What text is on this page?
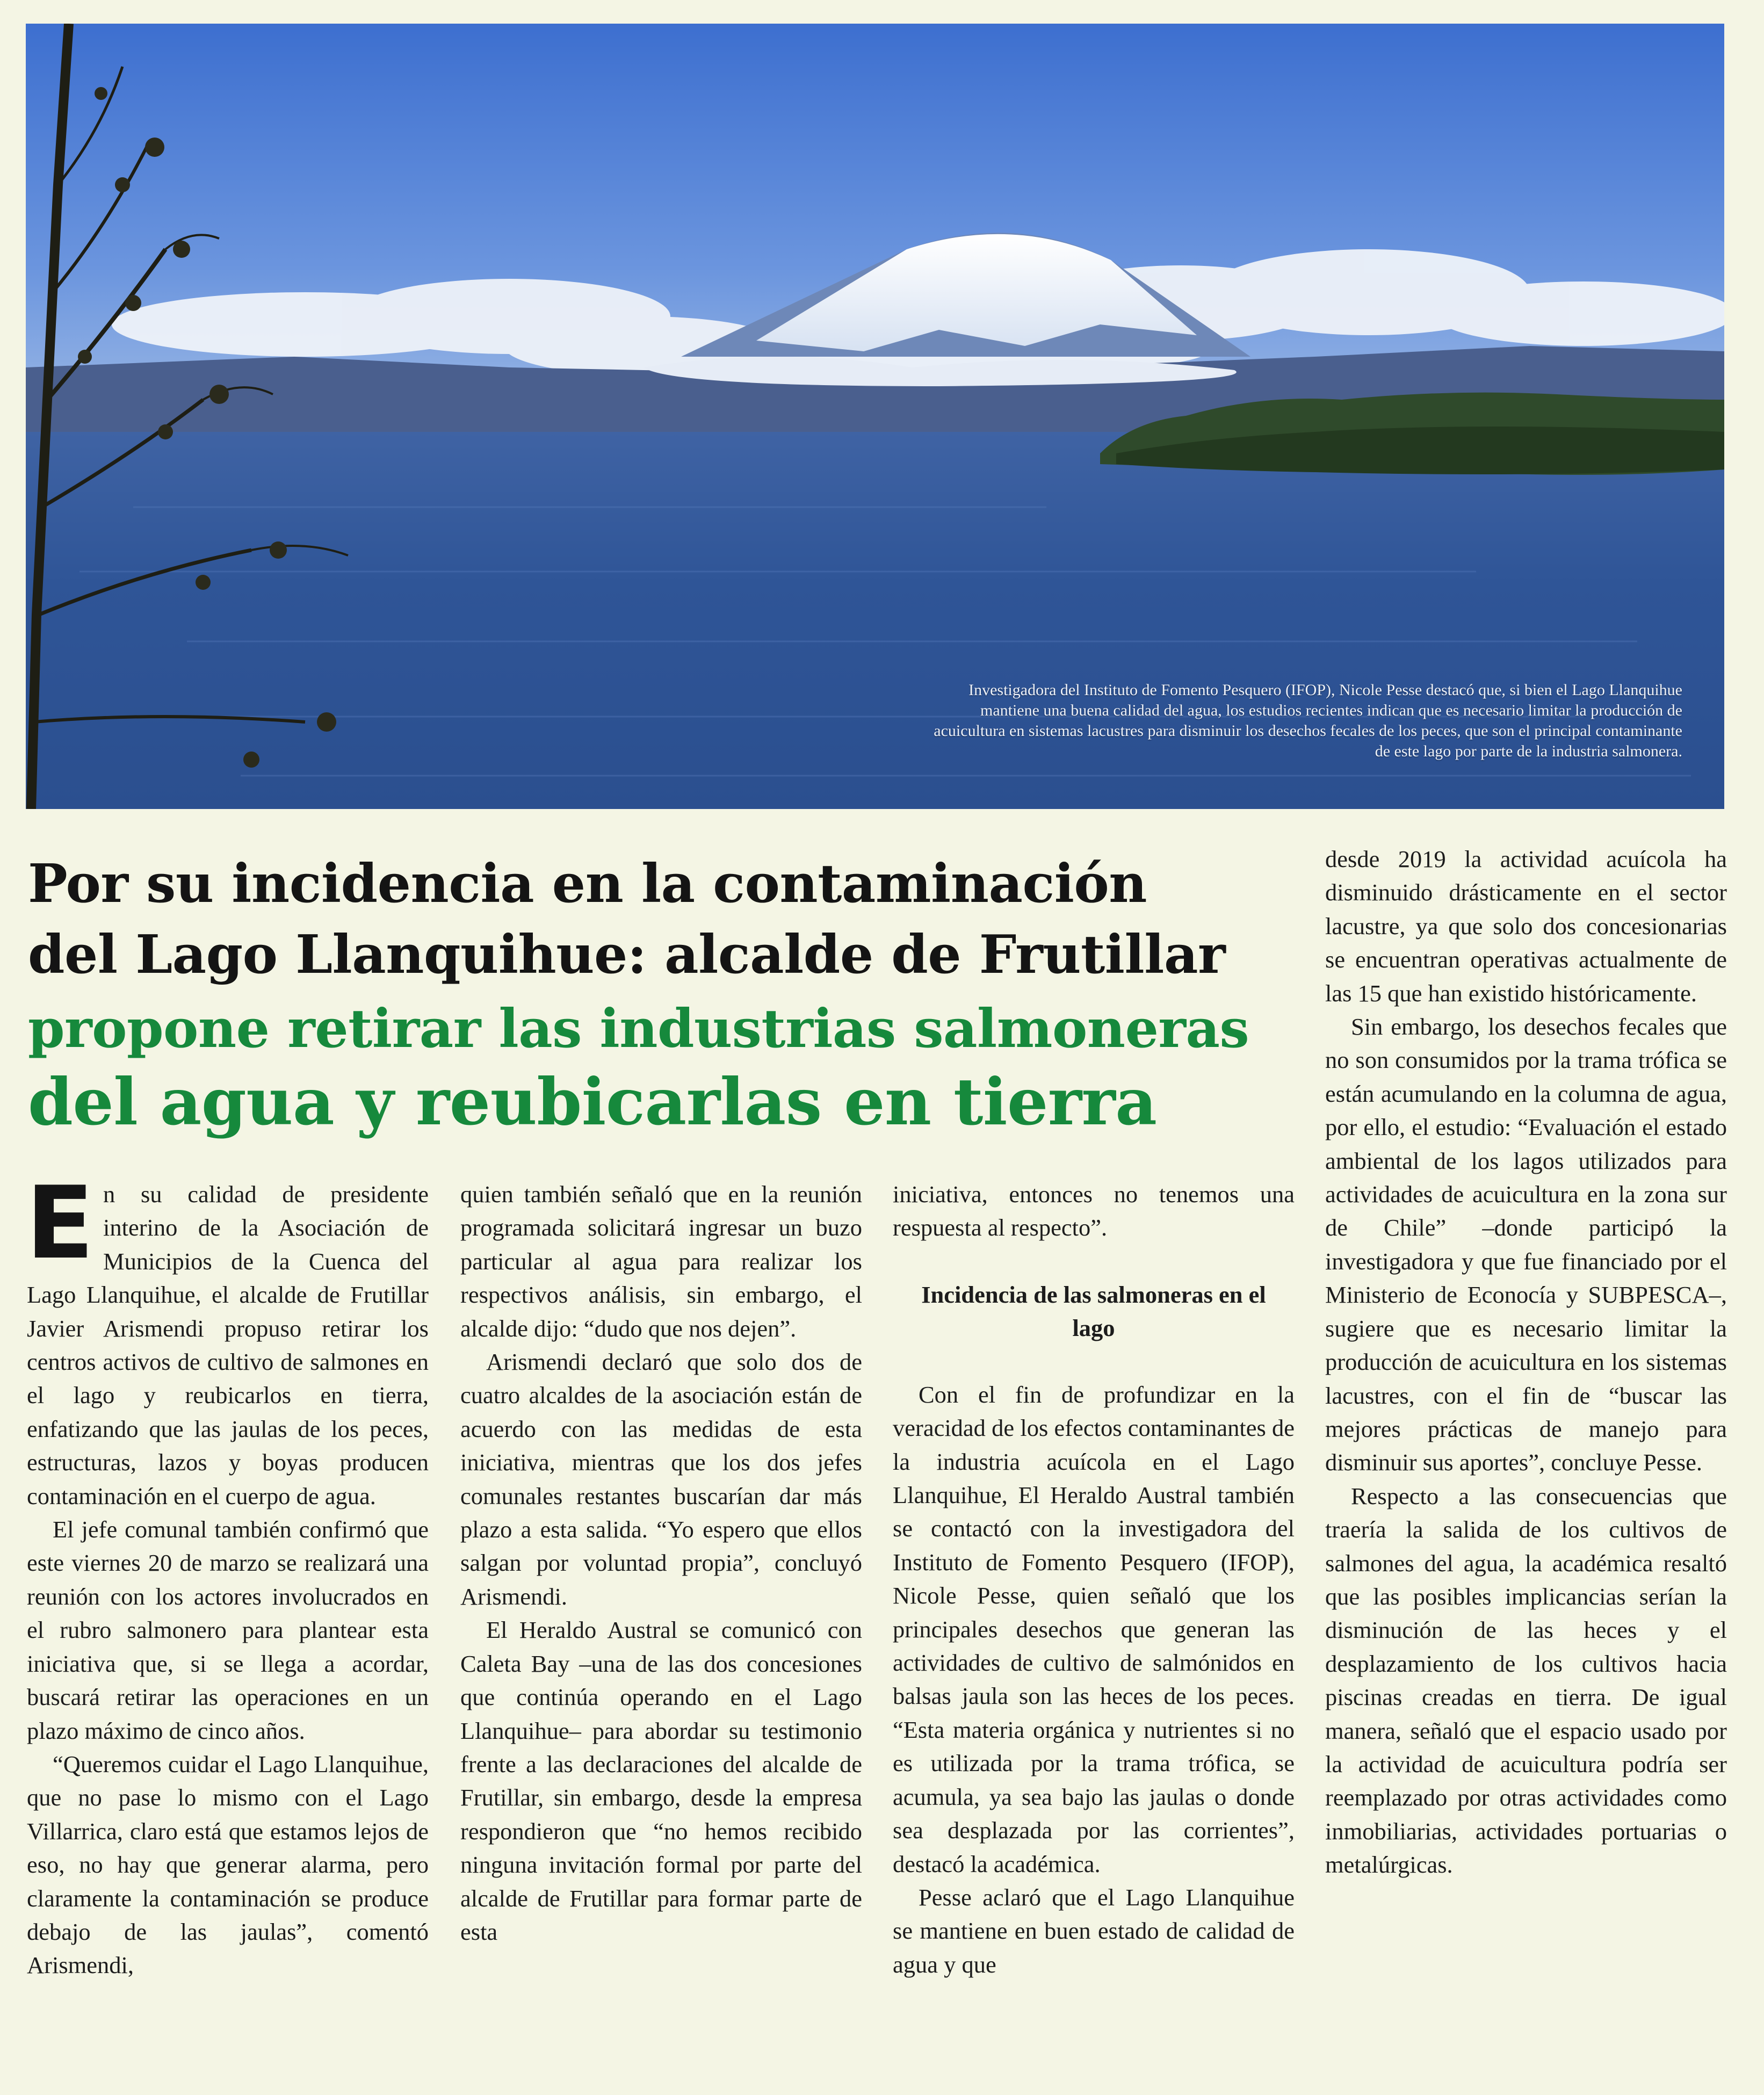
Investigadora del Instituto de Fomento Pesquero (IFOP), Nicole Pesse destacó que, si bien el Lago Llanquihue mantiene una buena calidad del agua, los estudios recientes indican que es necesario limitar la producción de acuicultura en sistemas lacustres para disminuir los desechos fecales de los peces, que son el principal contaminante de este lago por parte de la industria salmonera.
Por su incidencia en la contaminación
del Lago Llanquihue: alcalde de Frutillar
propone retirar las industrias salmoneras
del agua y reubicarlas en tierra

En su calidad de presidente interino de la Asociación de Municipios de la Cuenca del Lago Llanquihue, el alcalde de Frutillar Javier Arismendi propuso retirar los centros activos de cultivo de salmones en el lago y reubicarlos en tierra, enfatizando que las jaulas de los peces, estructuras, lazos y boyas producen contaminación en el cuerpo de agua.

El jefe comunal también confirmó que este viernes 20 de marzo se realizará una reunión con los actores involucrados en el rubro salmonero para plantear esta iniciativa que, si se llega a acordar, buscará retirar las operaciones en un plazo máximo de cinco años.

“Queremos cuidar el Lago Llanquihue, que no pase lo mismo con el Lago Villarrica, claro está que estamos lejos de eso, no hay que generar alarma, pero claramente la contaminación se produce debajo de las jaulas”, comentó Arismendi,

quien también señaló que en la reunión programada solicitará ingresar un buzo particular al agua para realizar los respectivos análisis, sin embargo, el alcalde dijo: “dudo que nos dejen”.

Arismendi declaró que solo dos de cuatro alcaldes de la asociación están de acuerdo con las medidas de esta iniciativa, mientras que los dos jefes comunales restantes buscarían dar más plazo a esta salida. “Yo espero que ellos salgan por voluntad propia”, concluyó Arismendi.

El Heraldo Austral se comunicó con Caleta Bay –una de las dos concesiones que continúa operando en el Lago Llanquihue– para abordar su testimonio frente a las declaraciones del alcalde de Frutillar, sin embargo, desde la empresa respondieron que “no hemos recibido ninguna invitación formal por parte del alcalde de Frutillar para formar parte de esta

iniciativa, entonces no tenemos una respuesta al respecto”.

Incidencia de las salmoneras en el lago

Con el fin de profundizar en la veracidad de los efectos contaminantes de la industria acuícola en el Lago Llanquihue, El Heraldo Austral también se contactó con la investigadora del Instituto de Fomento Pesquero (IFOP), Nicole Pesse, quien señaló que los principales desechos que generan las actividades de cultivo de salmónidos en balsas jaula son las heces de los peces. “Esta materia orgánica y nutrientes si no es utilizada por la trama trófica, se acumula, ya sea bajo las jaulas o donde sea desplazada por las corrientes”, destacó la académica.

Pesse aclaró que el Lago Llanquihue se mantiene en buen estado de calidad de agua y que

desde 2019 la actividad acuícola ha disminuido drásticamente en el sector lacustre, ya que solo dos concesionarias se encuentran operativas actualmente de las 15 que han existido históricamente.

Sin embargo, los desechos fecales que no son consumidos por la trama trófica se están acumulando en la columna de agua, por ello, el estudio: “Evaluación el estado ambiental de los lagos utilizados para actividades de acuicultura en la zona sur de Chile” –donde participó la investigadora y que fue financiado por el Ministerio de Econocía y SUBPESCA–, sugiere que es necesario limitar la producción de acuicultura en los sistemas lacustres, con el fin de “buscar las mejores prácticas de manejo para disminuir sus aportes”, concluye Pesse.

Respecto a las consecuencias que traería la salida de los cultivos de salmones del agua, la académica resaltó que las posibles implicancias serían la disminución de las heces y el desplazamiento de los cultivos hacia piscinas creadas en tierra. De igual manera, señaló que el espacio usado por la actividad de acuicultura podría ser reemplazado por otras actividades como inmobiliarias, actividades portuarias o metalúrgicas.
